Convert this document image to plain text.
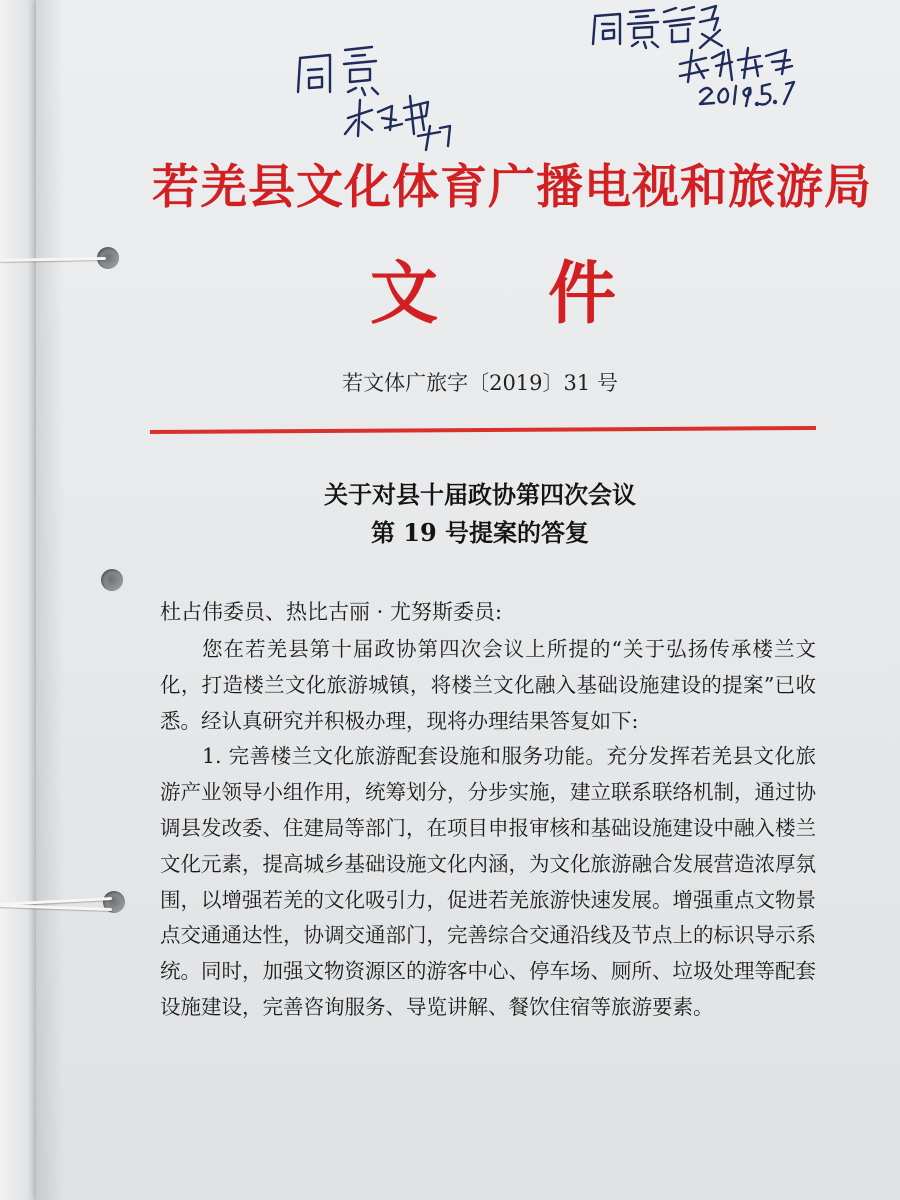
若羌县文化体育广播电视和旅游局
文件
若文体广旅字〔2019〕31 号
关于对县十届政协第四次会议
第 19 号提案的答复
杜占伟委员、热比古丽 · 尤努斯委员:

您在若羌县第十届政协第四次会议上所提的“关于弘扬传承楼兰文化，打造楼兰文化旅游城镇，将楼兰文化融入基础设施建设的提案”已收悉。经认真研究并积极办理，现将办理结果答复如下:

1. 完善楼兰文化旅游配套设施和服务功能。充分发挥若羌县文化旅游产业领导小组作用，统筹划分，分步实施，建立联系联络机制，通过协调县发改委、住建局等部门，在项目申报审核和基础设施建设中融入楼兰文化元素，提高城乡基础设施文化内涵，为文化旅游融合发展营造浓厚氛围，以增强若羌的文化吸引力，促进若羌旅游快速发展。增强重点文物景点交通通达性，协调交通部门，完善综合交通沿线及节点上的标识导示系统。同时，加强文物资源区的游客中心、停车场、厕所、垃圾处理等配套设施建设，完善咨询服务、导览讲解、餐饮住宿等旅游要素。
